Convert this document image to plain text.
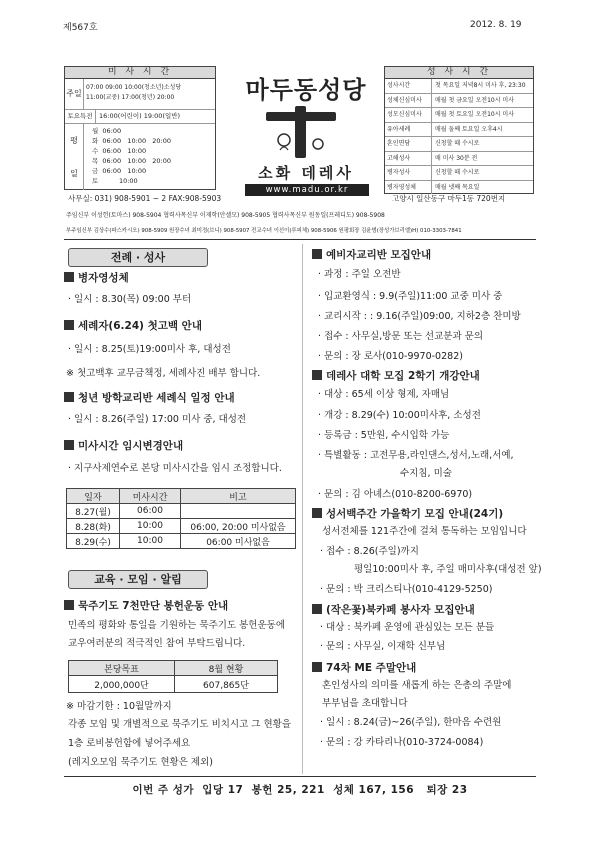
제567호	2012. 8. 19
미 사 시 간
주일
07:00 09:00 10:00(청소년)소성당
11:00(교중) 17:00(청년) 20:00
토요특전 16:00(어린이) 19:00(일반)
평
일
월 06:00
화 06:00   10:00   20:00
수 06:00   10:00
목 06:00   10:00   20:00
금 06:00   10:00
토          10:00
마두동성당
소화 데레사
www.madu.or.kr
성 사 시 간
성사시간	첫 목요일 저녁8시 미사 후, 23:30
성체신심미사	매월 첫 금요일 오전10시 미사
성모신심미사	매월 첫 토요일 오전10시 미사
유아세례	매월 둘째 토요일 오후4시
혼인면담	신청할 때 수시로
고해성사	매 미사 30분 전
병자성사	신청할 때 수시로
병자영성체	매월 넷째 목요일
사무실: 031) 908-5901 ~ 2 FAX:908-5903	고양시 일산동구 마두1동 720번지
주임신부 이성헌(토마스) 908-5904 협력사목신부 이재학(안셀모) 908-5905 협력사목신부 원동일(프레디도) 908-5908
부주임신부 김상수(파스카시오) 908-5909 원장수녀 최미정(브니) 908-5907 전교수녀 이선이(루피체) 908-5906 원평회장 김윤범(장성가브리엘)H) 010-3303-7841
전례 · 성사
병자영성체
· 일시 : 8.30(목) 09:00 부터
세례자(6.24) 첫고백 안내
· 일시 : 8.25(토)19:00미사 후, 대성전
※ 첫고백후 교무금책정, 세례사진 배부 합니다.
청년 방학교리반 세례식 일정 안내
· 일시 : 8.26(주일) 17:00 미사 중, 대성전
미사시간 임시변경안내
· 지구사제연수로 본당 미사시간을 임시 조정합니다.
일자	미사시간	비고
8.27(월)	06:00	
8.28(화)	10:00	06:00, 20:00 미사없음
8.29(수)	10:00	06:00 미사없음
교육 · 모임 · 알림
묵주기도 7천만단 봉헌운동 안내
민족의 평화와 통일을 기원하는 묵주기도 봉헌운동에
교우여러분의 적극적인 참여 부탁드립니다.
본당목표	8월 현황
2,000,000단	607,865단
※ 마감기한 : 10월말까지
각종 모임 및 개별적으로 묵주기도 비치시고 그 현황을
1층 로비봉헌함에 넣어주세요
(레지오모임 묵주기도 현황은 제외)
예비자교리반 모집안내
· 과정 : 주일 오전반
· 입교환영식 : 9.9(주일)11:00 교중 미사 중
· 교리시작 : : 9.16(주일)09:00, 지하2층 찬미방
· 접수 : 사무실,방문 또는 선교분과 문의
· 문의 : 장 로사(010-9970-0282)
데레사 대학 모집 2학기 개강안내
· 대상 : 65세 이상 형제, 자매님
· 개강 : 8.29(수) 10:00미사후, 소성전
· 등록금 : 5만원, 수시입학 가능
· 특별활동 : 고전무용,라인댄스,성서,노래,서예,
수지침, 미술
· 문의 : 김 아녜스(010-8200-6970)
성서백주간 가을학기 모집 안내(24기)
성서전체를 121주간에 걸쳐 통독하는 모임입니다
· 접수 : 8.26(주일)까지
평일10:00미사 후, 주일 매미사후(대성전 앞)
· 문의 : 박 크리스티나(010-4129-5250)
(작은꽃)북카페 봉사자 모집안내
· 대상 : 북카페 운영에 관심있는 모든 분들
· 문의 : 사무실, 이재학 신부님
74차 ME 주말안내
혼인성사의 의미를 새롭게 하는 은총의 주말에
부부님을 초대합니다
· 일시 : 8.24(금)~26(주일), 한마음 수련원
· 문의 : 강 카타리나(010-3724-0084)
이번 주 성가  입당 17  봉헌 25, 221  성체 167, 156   퇴장 23
